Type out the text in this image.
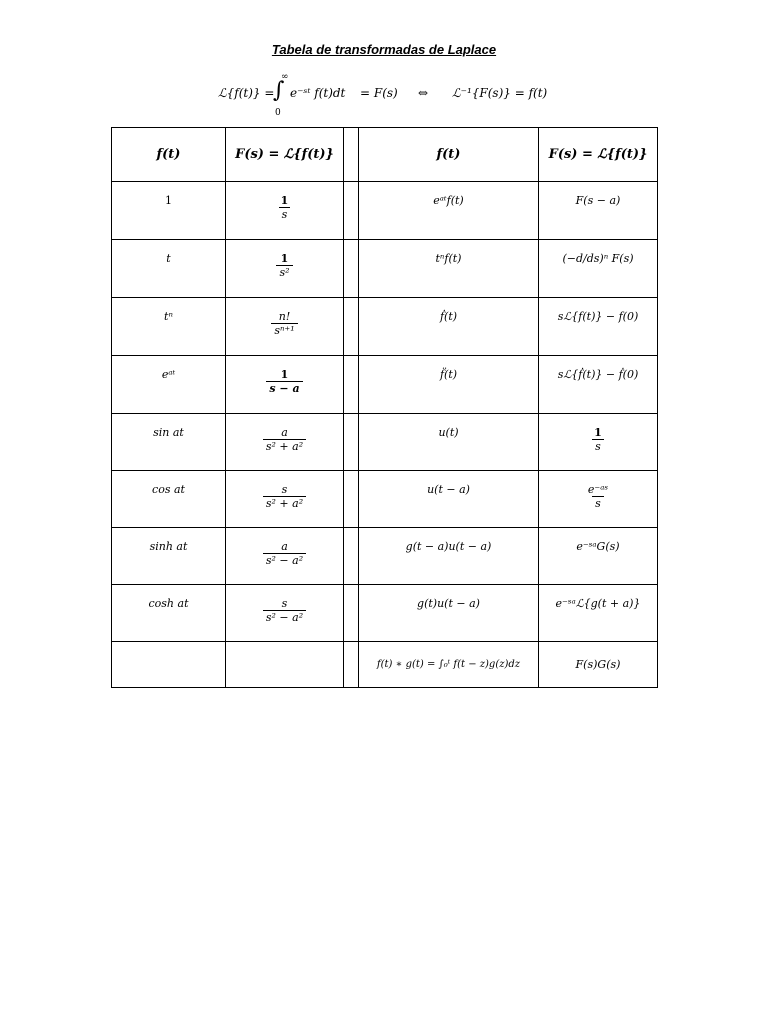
Tabela de transformadas de Laplace
ℒ{f(t)} =
∫
∞
0
e⁻ˢᵗ f(t)dt = F(s) ⇔ ℒ⁻¹{F(s)} = f(t)
f(t)	F(s) = ℒ{f(t)}		f(t)	F(s) = ℒ{f(t)}
1	$\frac{1}{s}$		eᵃᵗf(t)	F(s − a)
t	$\frac{1}{\text{s²}}$		tⁿf(t)	(−d/ds)ⁿ F(s)
tⁿ	$\frac{n!}{\text{sⁿ⁺¹}}$		ḟ(t)	sℒ{f(t)} − f(0)
eᵃᵗ	$\frac{1}{s - a}$		f̈(t)	sℒ{ḟ(t)} − ḟ(0)
sin at	$\frac{a}{\text{s² + a²}}$		u(t)	$\frac{1}{s}$

cos at	$\frac{s}{\text{s² + a²}}$		u(t − a)	$\frac{\text{e⁻ᵃˢ}}{s}$

sinh at	$\frac{a}{\text{s² − a²}}$		g(t − a)u(t − a)	e⁻ˢᵃG(s)
cosh at	$\frac{s}{\text{s² − a²}}$		g(t)u(t − a)	e⁻ˢᵃℒ{g(t + a)}
			f(t) ∗ g(t) = ∫₀ᵗ f(t − z)g(z)dz	F(s)G(s)
